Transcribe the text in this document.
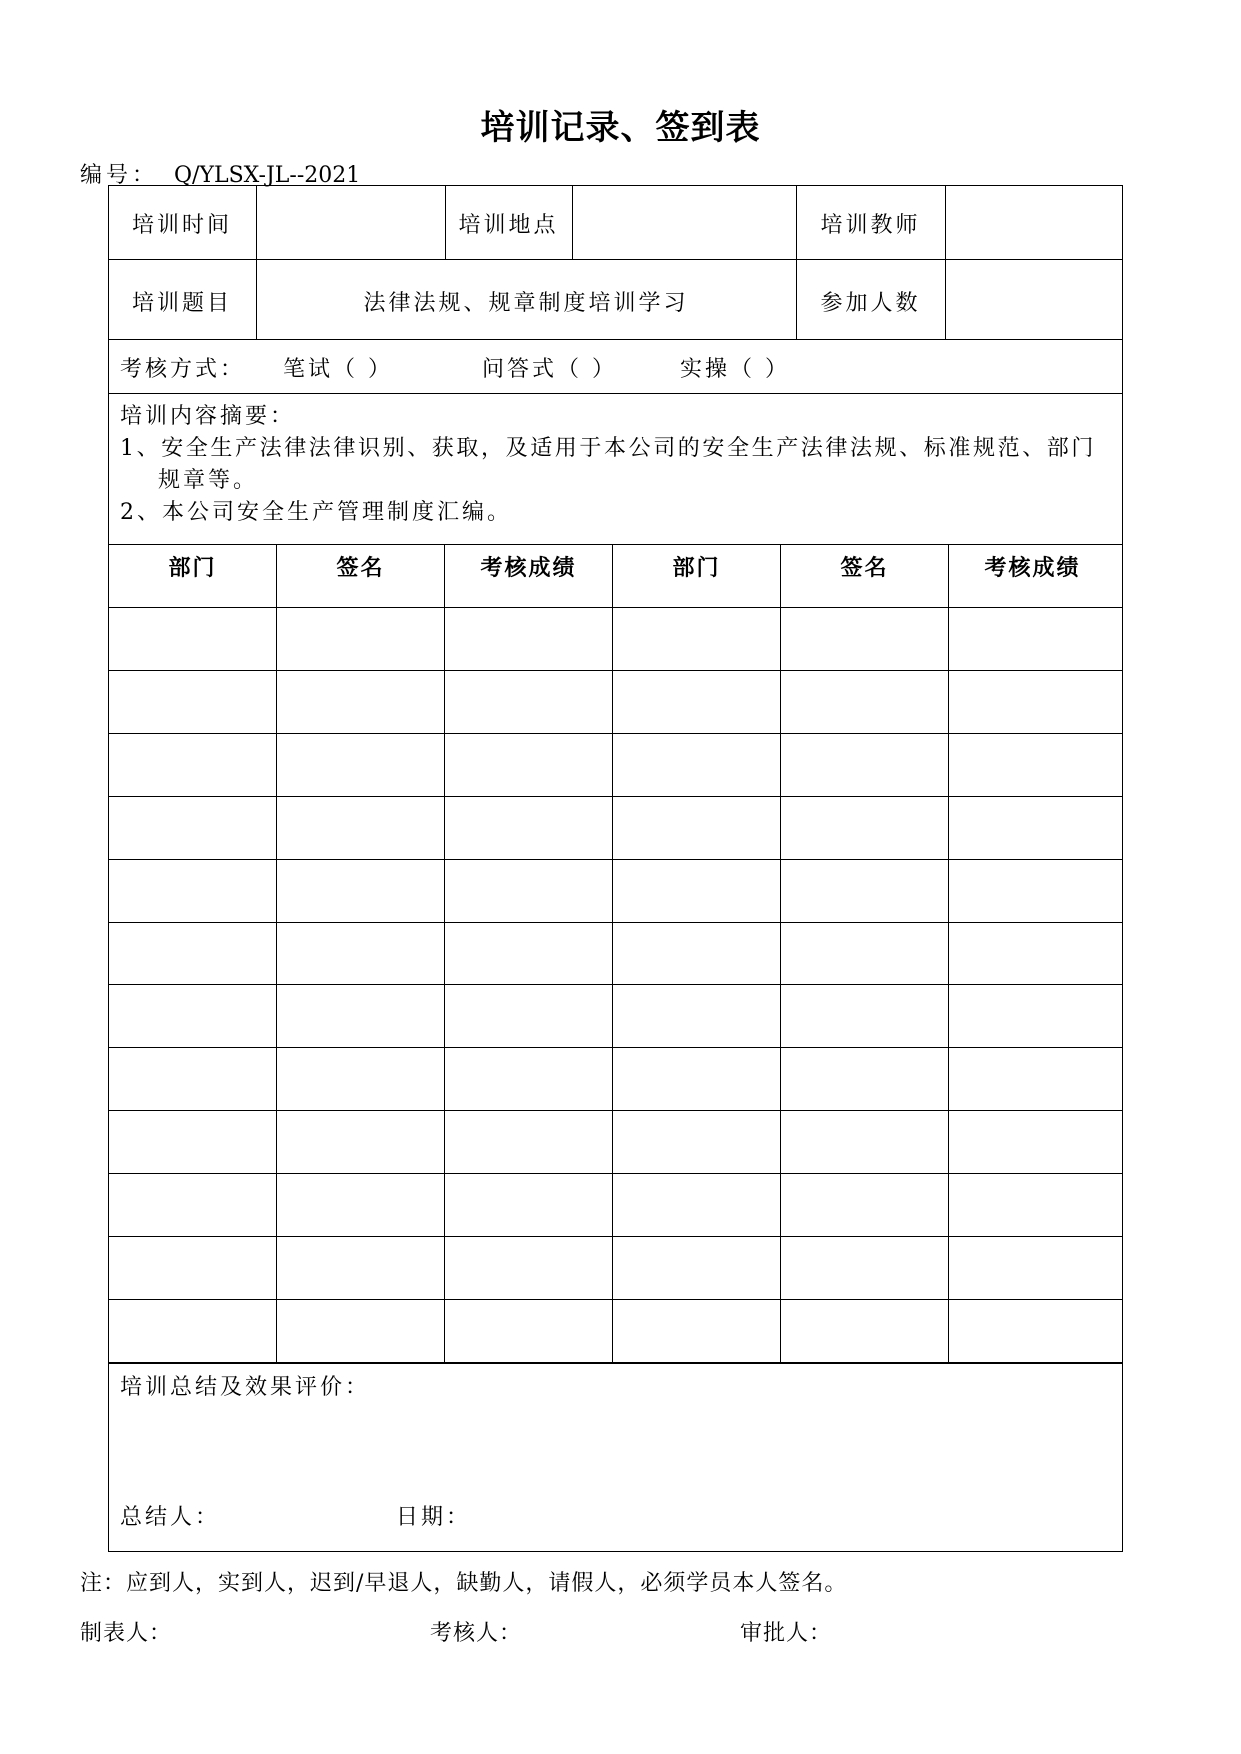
培训记录、签到表
编号： Q/YLSX-JL--2021
培训时间	培训地点	培训教师
培训题目	法律法规、规章制度培训学习	参加人数
考核方式： 笔试（ ）	问答式（ ）	实操（ ）
培训内容摘要：
1、安全生产法律法律识别、获取，及适用于本公司的安全生产法律法规、标准规范、部门
规章等。
2、本公司安全生产管理制度汇编。
部门	签名	考核成绩	部门	签名	考核成绩
培训总结及效果评价：
总结人：	日期：
注：应到人，实到人，迟到/早退人，缺勤人，请假人，必须学员本人签名。
制表人：	考核人：	审批人：
